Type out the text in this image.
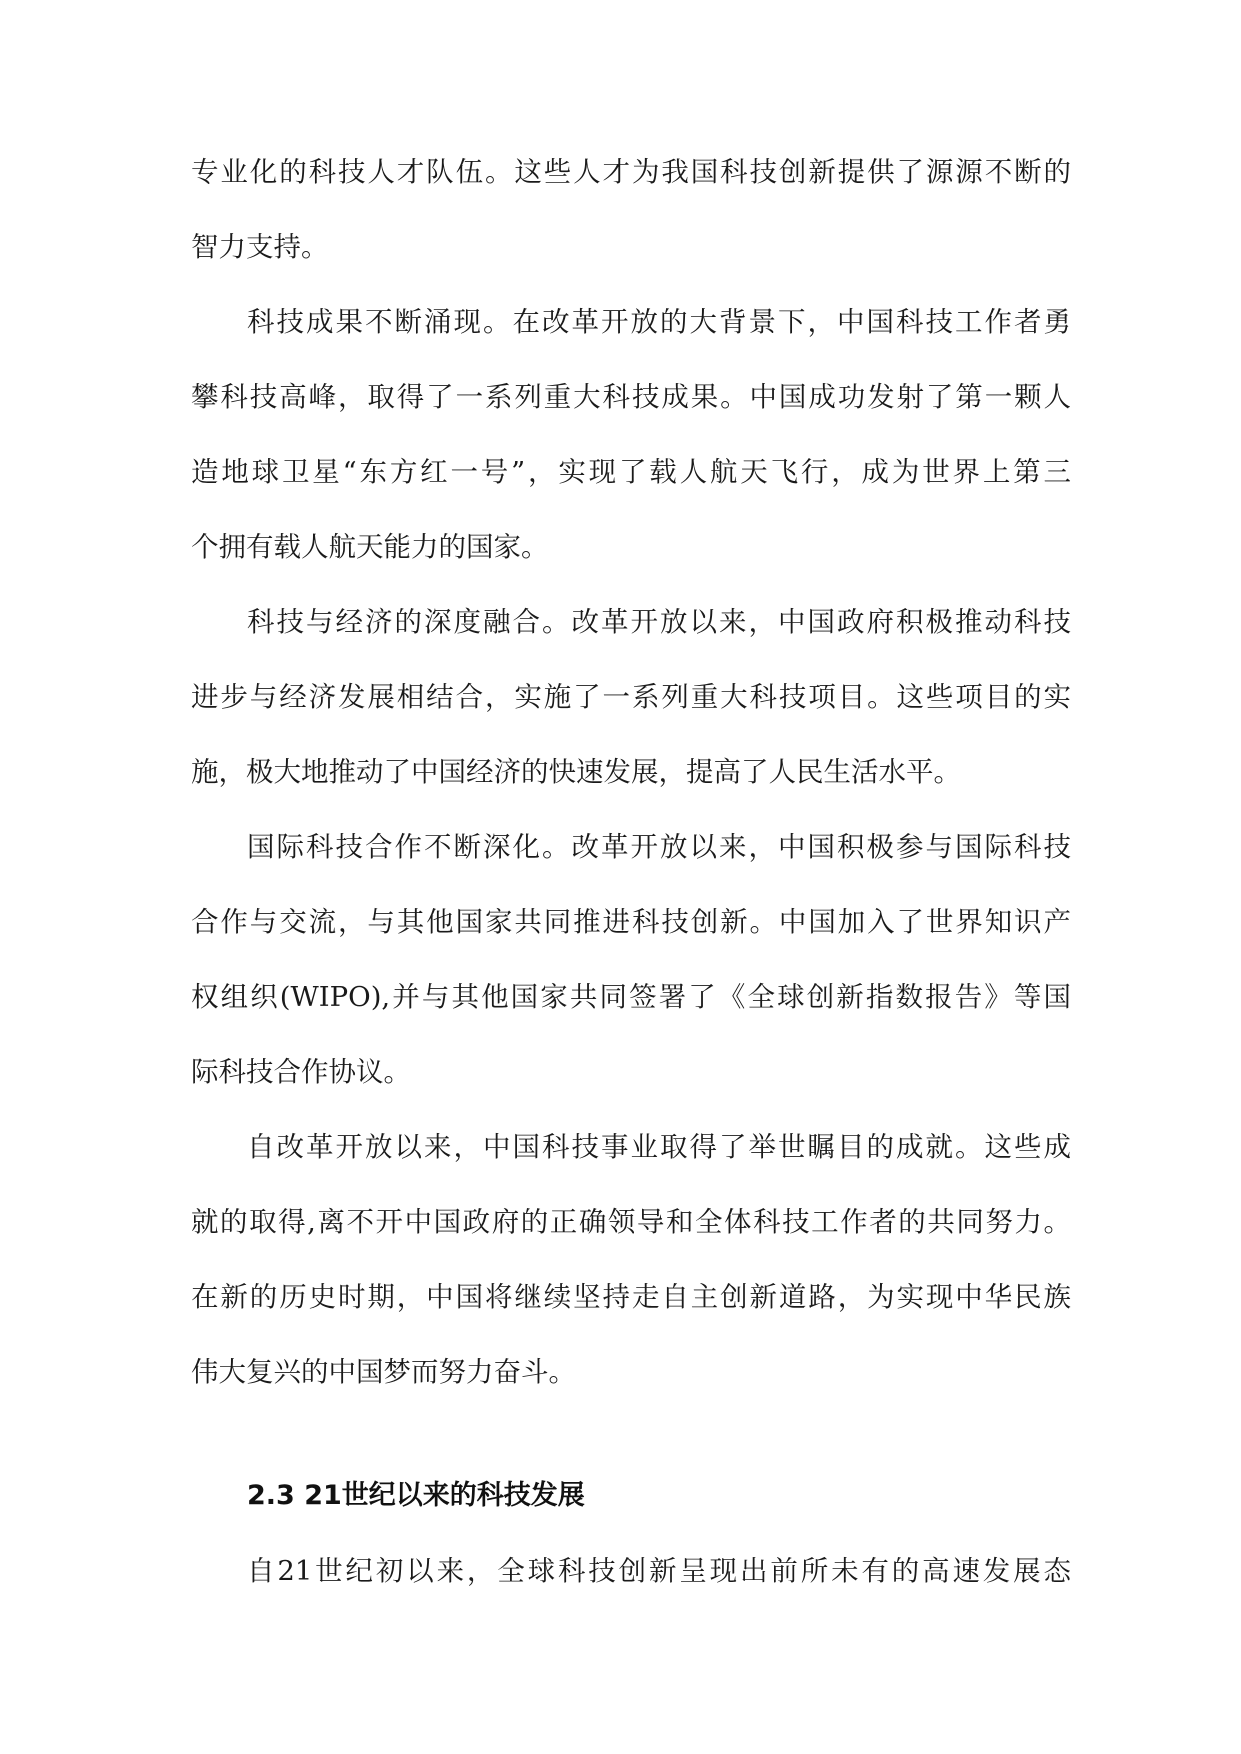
专业化的科技人才队伍。这些人才为我国科技创新提供了源源不断的
智力支持。
科技成果不断涌现。在改革开放的大背景下，中国科技工作者勇
攀科技高峰，取得了一系列重大科技成果。中国成功发射了第一颗人
造地球卫星“东方红一号”，实现了载人航天飞行，成为世界上第三
个拥有载人航天能力的国家。
科技与经济的深度融合。改革开放以来，中国政府积极推动科技
进步与经济发展相结合，实施了一系列重大科技项目。这些项目的实
施，极大地推动了中国经济的快速发展，提高了人民生活水平。
国际科技合作不断深化。改革开放以来，中国积极参与国际科技
合作与交流，与其他国家共同推进科技创新。中国加入了世界知识产
权组织(WIPO),并与其他国家共同签署了《全球创新指数报告》等国
际科技合作协议。
自改革开放以来，中国科技事业取得了举世瞩目的成就。这些成
就的取得,离不开中国政府的正确领导和全体科技工作者的共同努力。
在新的历史时期，中国将继续坚持走自主创新道路，为实现中华民族
伟大复兴的中国梦而努力奋斗。
2.3 21世纪以来的科技发展
自21世纪初以来，全球科技创新呈现出前所未有的高速发展态
